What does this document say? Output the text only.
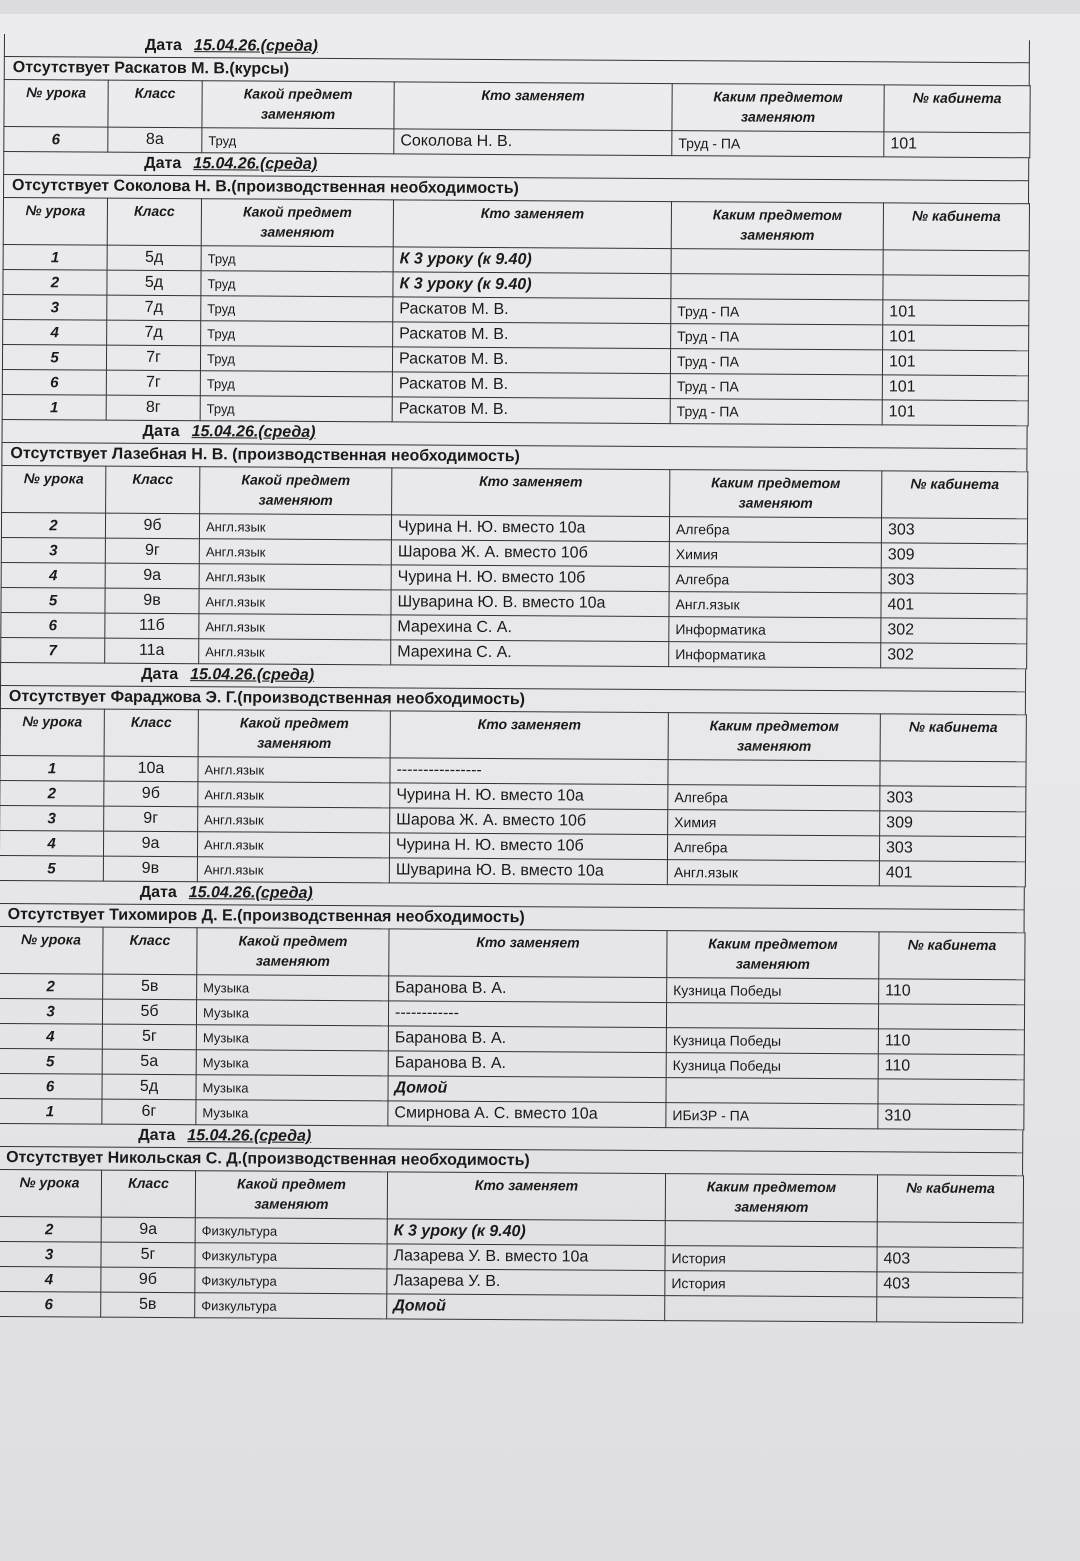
Дата 15.04.26.(среда)
Отсутствует Раскатов М. В.(курсы)
№ урока	Класс	Какой предмет заменяют	Кто заменяет	Каким предметом заменяют	№ кабинета
6	8а	Труд	Соколова Н. В.	Труд - ПА	101
Дата 15.04.26.(среда)
Отсутствует Соколова Н. В.(производственная необходимость)
№ урока	Класс	Какой предмет заменяют	Кто заменяет	Каким предметом заменяют	№ кабинета
1	5д	Труд	К 3 уроку (к 9.40)		
2	5д	Труд	К 3 уроку (к 9.40)		
3	7д	Труд	Раскатов М. В.	Труд - ПА	101
4	7д	Труд	Раскатов М. В.	Труд - ПА	101
5	7г	Труд	Раскатов М. В.	Труд - ПА	101
6	7г	Труд	Раскатов М. В.	Труд - ПА	101
1	8г	Труд	Раскатов М. В.	Труд - ПА	101
Дата 15.04.26.(среда)
Отсутствует Лазебная Н. В. (производственная необходимость)
№ урока	Класс	Какой предмет заменяют	Кто заменяет	Каким предметом заменяют	№ кабинета
2	9б	Англ.язык	Чурина Н. Ю. вместо 10а	Алгебра	303
3	9г	Англ.язык	Шарова Ж. А. вместо 10б	Химия	309
4	9а	Англ.язык	Чурина Н. Ю. вместо 10б	Алгебра	303
5	9в	Англ.язык	Шуварина Ю. В. вместо 10а	Англ.язык	401
6	11б	Англ.язык	Марехина С. А.	Информатика	302
7	11а	Англ.язык	Марехина С. А.	Информатика	302
Дата 15.04.26.(среда)
Отсутствует Фараджова Э. Г.(производственная необходимость)
№ урока	Класс	Какой предмет заменяют	Кто заменяет	Каким предметом заменяют	№ кабинета
1	10а	Англ.язык	----------------		
2	9б	Англ.язык	Чурина Н. Ю. вместо 10а	Алгебра	303
3	9г	Англ.язык	Шарова Ж. А. вместо 10б	Химия	309
4	9а	Англ.язык	Чурина Н. Ю. вместо 10б	Алгебра	303
5	9в	Англ.язык	Шуварина Ю. В. вместо 10а	Англ.язык	401
Дата 15.04.26.(среда)
Отсутствует Тихомиров Д. Е.(производственная необходимость)
№ урока	Класс	Какой предмет заменяют	Кто заменяет	Каким предметом заменяют	№ кабинета
2	5в	Музыка	Баранова В. А.	Кузница Победы	110
3	5б	Музыка	------------		
4	5г	Музыка	Баранова В. А.	Кузница Победы	110
5	5а	Музыка	Баранова В. А.	Кузница Победы	110
6	5д	Музыка	Домой		
1	6г	Музыка	Смирнова А. С. вместо 10а	ИБиЗР - ПА	310
Дата 15.04.26.(среда)
Отсутствует Никольская С. Д.(производственная необходимость)
№ урока	Класс	Какой предмет заменяют	Кто заменяет	Каким предметом заменяют	№ кабинета
2	9а	Физкультура	К 3 уроку (к 9.40)		
3	5г	Физкультура	Лазарева У. В. вместо 10а	История	403
4	9б	Физкультура	Лазарева У. В.	История	403
6	5в	Физкультура	Домой		
